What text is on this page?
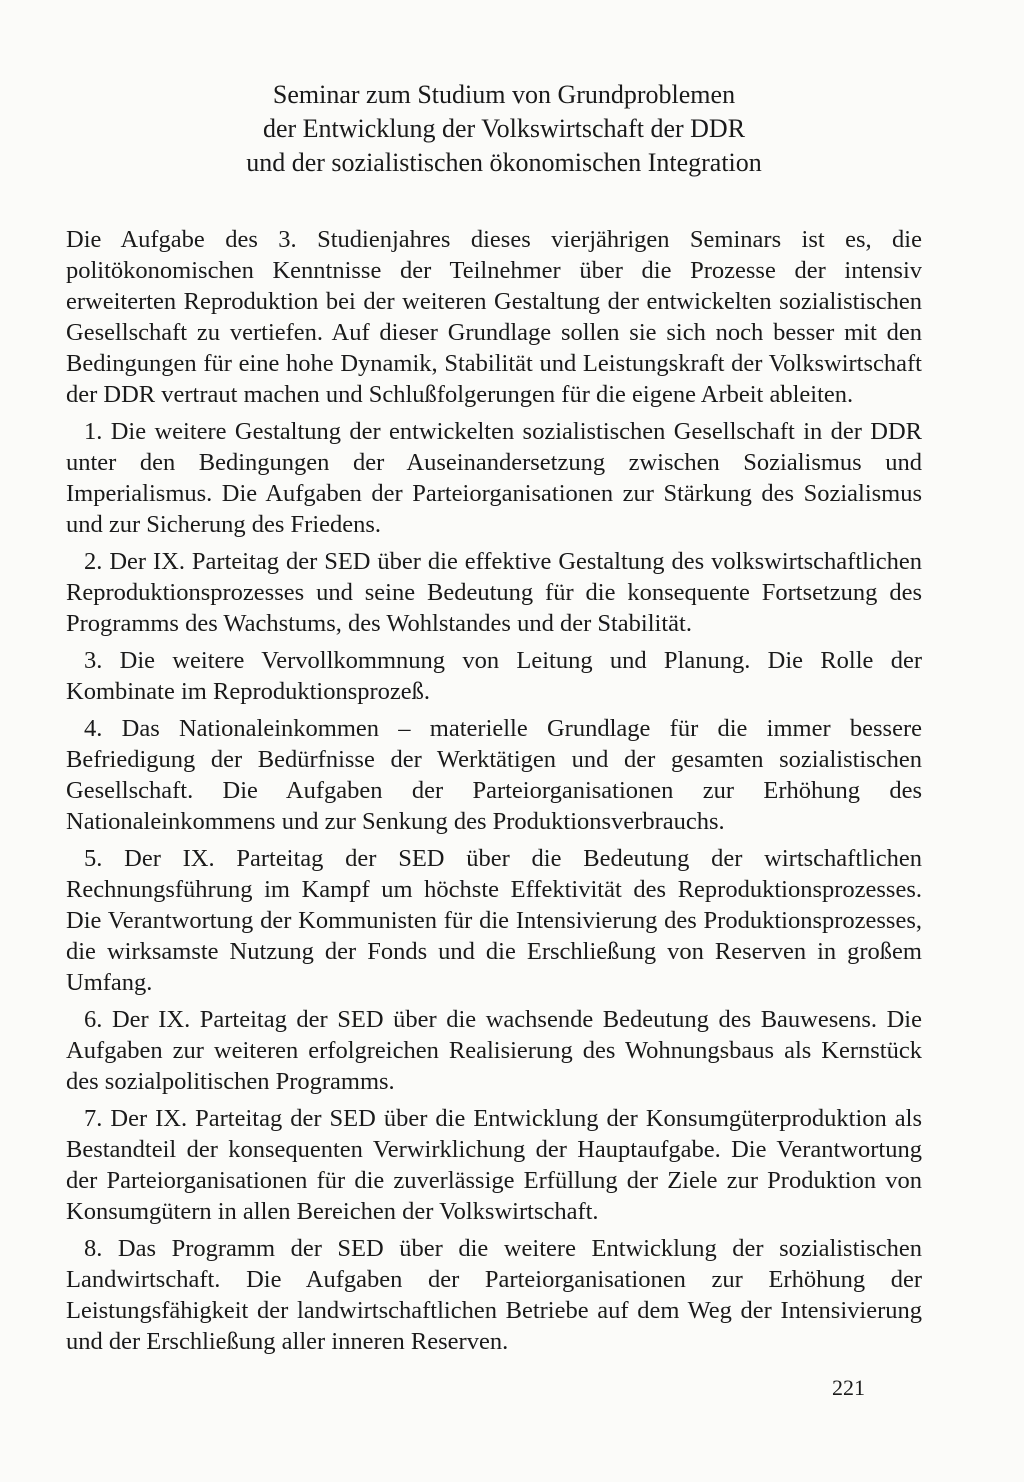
Seminar zum Studium von Grundproblemen
der Entwicklung der Volkswirtschaft der DDR
und der sozialistischen ökonomischen Integration

Die Aufgabe des 3. Studienjahres dieses vierjährigen Seminars ist es, die politökonomischen Kenntnisse der Teilnehmer über die Prozesse der intensiv erweiterten Reproduktion bei der weiteren Gestaltung der entwickelten sozialistischen Gesellschaft zu vertiefen. Auf dieser Grundlage sollen sie sich noch besser mit den Bedingungen für eine hohe Dynamik, Stabilität und Leistungskraft der Volkswirtschaft der DDR vertraut machen und Schlußfolgerungen für die eigene Arbeit ableiten.

1. Die weitere Gestaltung der entwickelten sozialistischen Gesellschaft in der DDR unter den Bedingungen der Auseinandersetzung zwischen Sozialismus und Imperialismus. Die Aufgaben der Parteiorganisationen zur Stärkung des Sozialismus und zur Sicherung des Friedens.

2. Der IX. Parteitag der SED über die effektive Gestaltung des volkswirtschaftlichen Reproduktionsprozesses und seine Bedeutung für die konsequente Fortsetzung des Programms des Wachstums, des Wohlstandes und der Stabilität.

3. Die weitere Vervollkommnung von Leitung und Planung. Die Rolle der Kombinate im Reproduktionsprozeß.

4. Das Nationaleinkommen – materielle Grundlage für die immer bessere Befriedigung der Bedürfnisse der Werktätigen und der gesamten sozialistischen Gesellschaft. Die Aufgaben der Parteiorganisationen zur Erhöhung des Nationaleinkommens und zur Senkung des Produktionsverbrauchs.

5. Der IX. Parteitag der SED über die Bedeutung der wirtschaftlichen Rechnungsführung im Kampf um höchste Effektivität des Reproduktionsprozesses. Die Verantwortung der Kommunisten für die Intensivierung des Produktionsprozesses, die wirksamste Nutzung der Fonds und die Erschließung von Reserven in großem Umfang.

6. Der IX. Parteitag der SED über die wachsende Bedeutung des Bauwesens. Die Aufgaben zur weiteren erfolgreichen Realisierung des Wohnungsbaus als Kernstück des sozialpolitischen Programms.

7. Der IX. Parteitag der SED über die Entwicklung der Konsumgüterproduktion als Bestandteil der konsequenten Verwirklichung der Hauptaufgabe. Die Verantwortung der Parteiorganisationen für die zuverlässige Erfüllung der Ziele zur Produktion von Konsumgütern in allen Bereichen der Volkswirtschaft.

8. Das Programm der SED über die weitere Entwicklung der sozialistischen Landwirtschaft. Die Aufgaben der Parteiorganisationen zur Erhöhung der Leistungsfähigkeit der landwirtschaftlichen Betriebe auf dem Weg der Intensivierung und der Erschließung aller inneren Reserven.

221
